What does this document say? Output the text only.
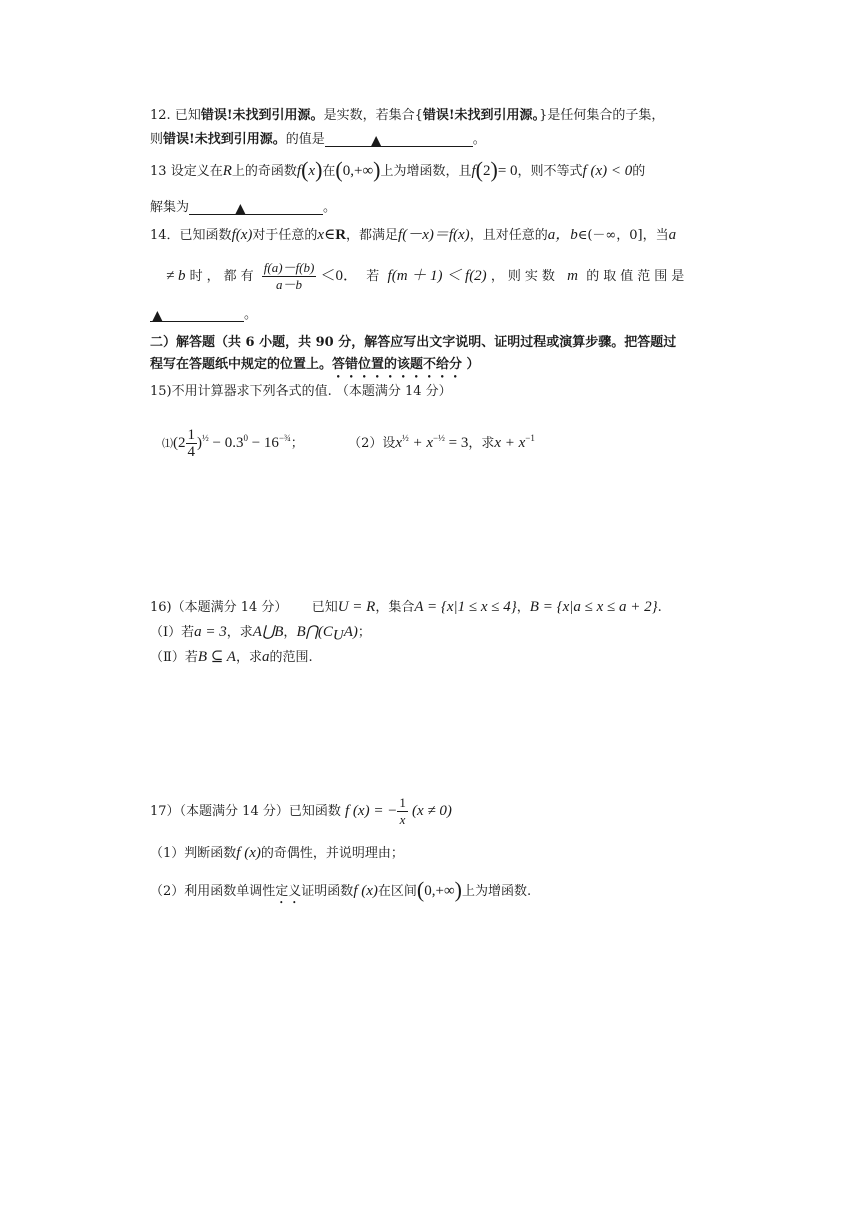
12. 已知错误!未找到引用源。是实数，若集合{错误!未找到引用源。}是任何集合的子集，
则错误!未找到引用源。的值是	▲	。
13 设定义在R上的奇函数f(x)在(0,+∞)上为增函数，且f(2)= 0，则不等式f (x) < 0的
解集为	▲	。
14．已知函数f(x)对于任意的x∈R，都满足f(－x)＝f(x)，且对任意的a，b∈(－∞，0]，当a
≠ b 时，都有 $\frac{f(a)-f(b)}{a-b} <0$． 若 f(m ＋ 1) ＜ f(2) ，则实数 m 的取值范围是
▲	。
二）解答题（共 6 小题，共 90 分，解答应写出文字说明、证明过程或演算步骤。把答题过
程写在答题纸中规定的位置上。答错位置的该题不给分 ）
15)不用计算器求下列各式的值. （本题满分 14 分）
⑴(2 $\frac{1}{4} )^{\frac{1}{2}} - 0.3^0 - 16^{-\frac{3}{4}}$；	（2）设$x^{\frac{1}{2}} + x^{-\frac{1}{2}} = 3$，求$x + x^{-1}$
16)（本题满分 14 分） 已知U = R，集合A = {x|1 ≤ x ≤ 4}，B = {x|a ≤ x ≤ a + 2}.
（Ⅰ）若a = 3，求A⋃B，$B⋂(C_UA)$；
（Ⅱ）若B ⊆ A，求a的范围.
17）（本题满分 14 分）已知函数 f (x) = − $\frac{1}{x} (x \ne 0)$
（1）判断函数f (x)的奇偶性，并说明理由；
（2）利用函数单调性定义证明函数f (x)在区间(0,+∞)上为增函数.
